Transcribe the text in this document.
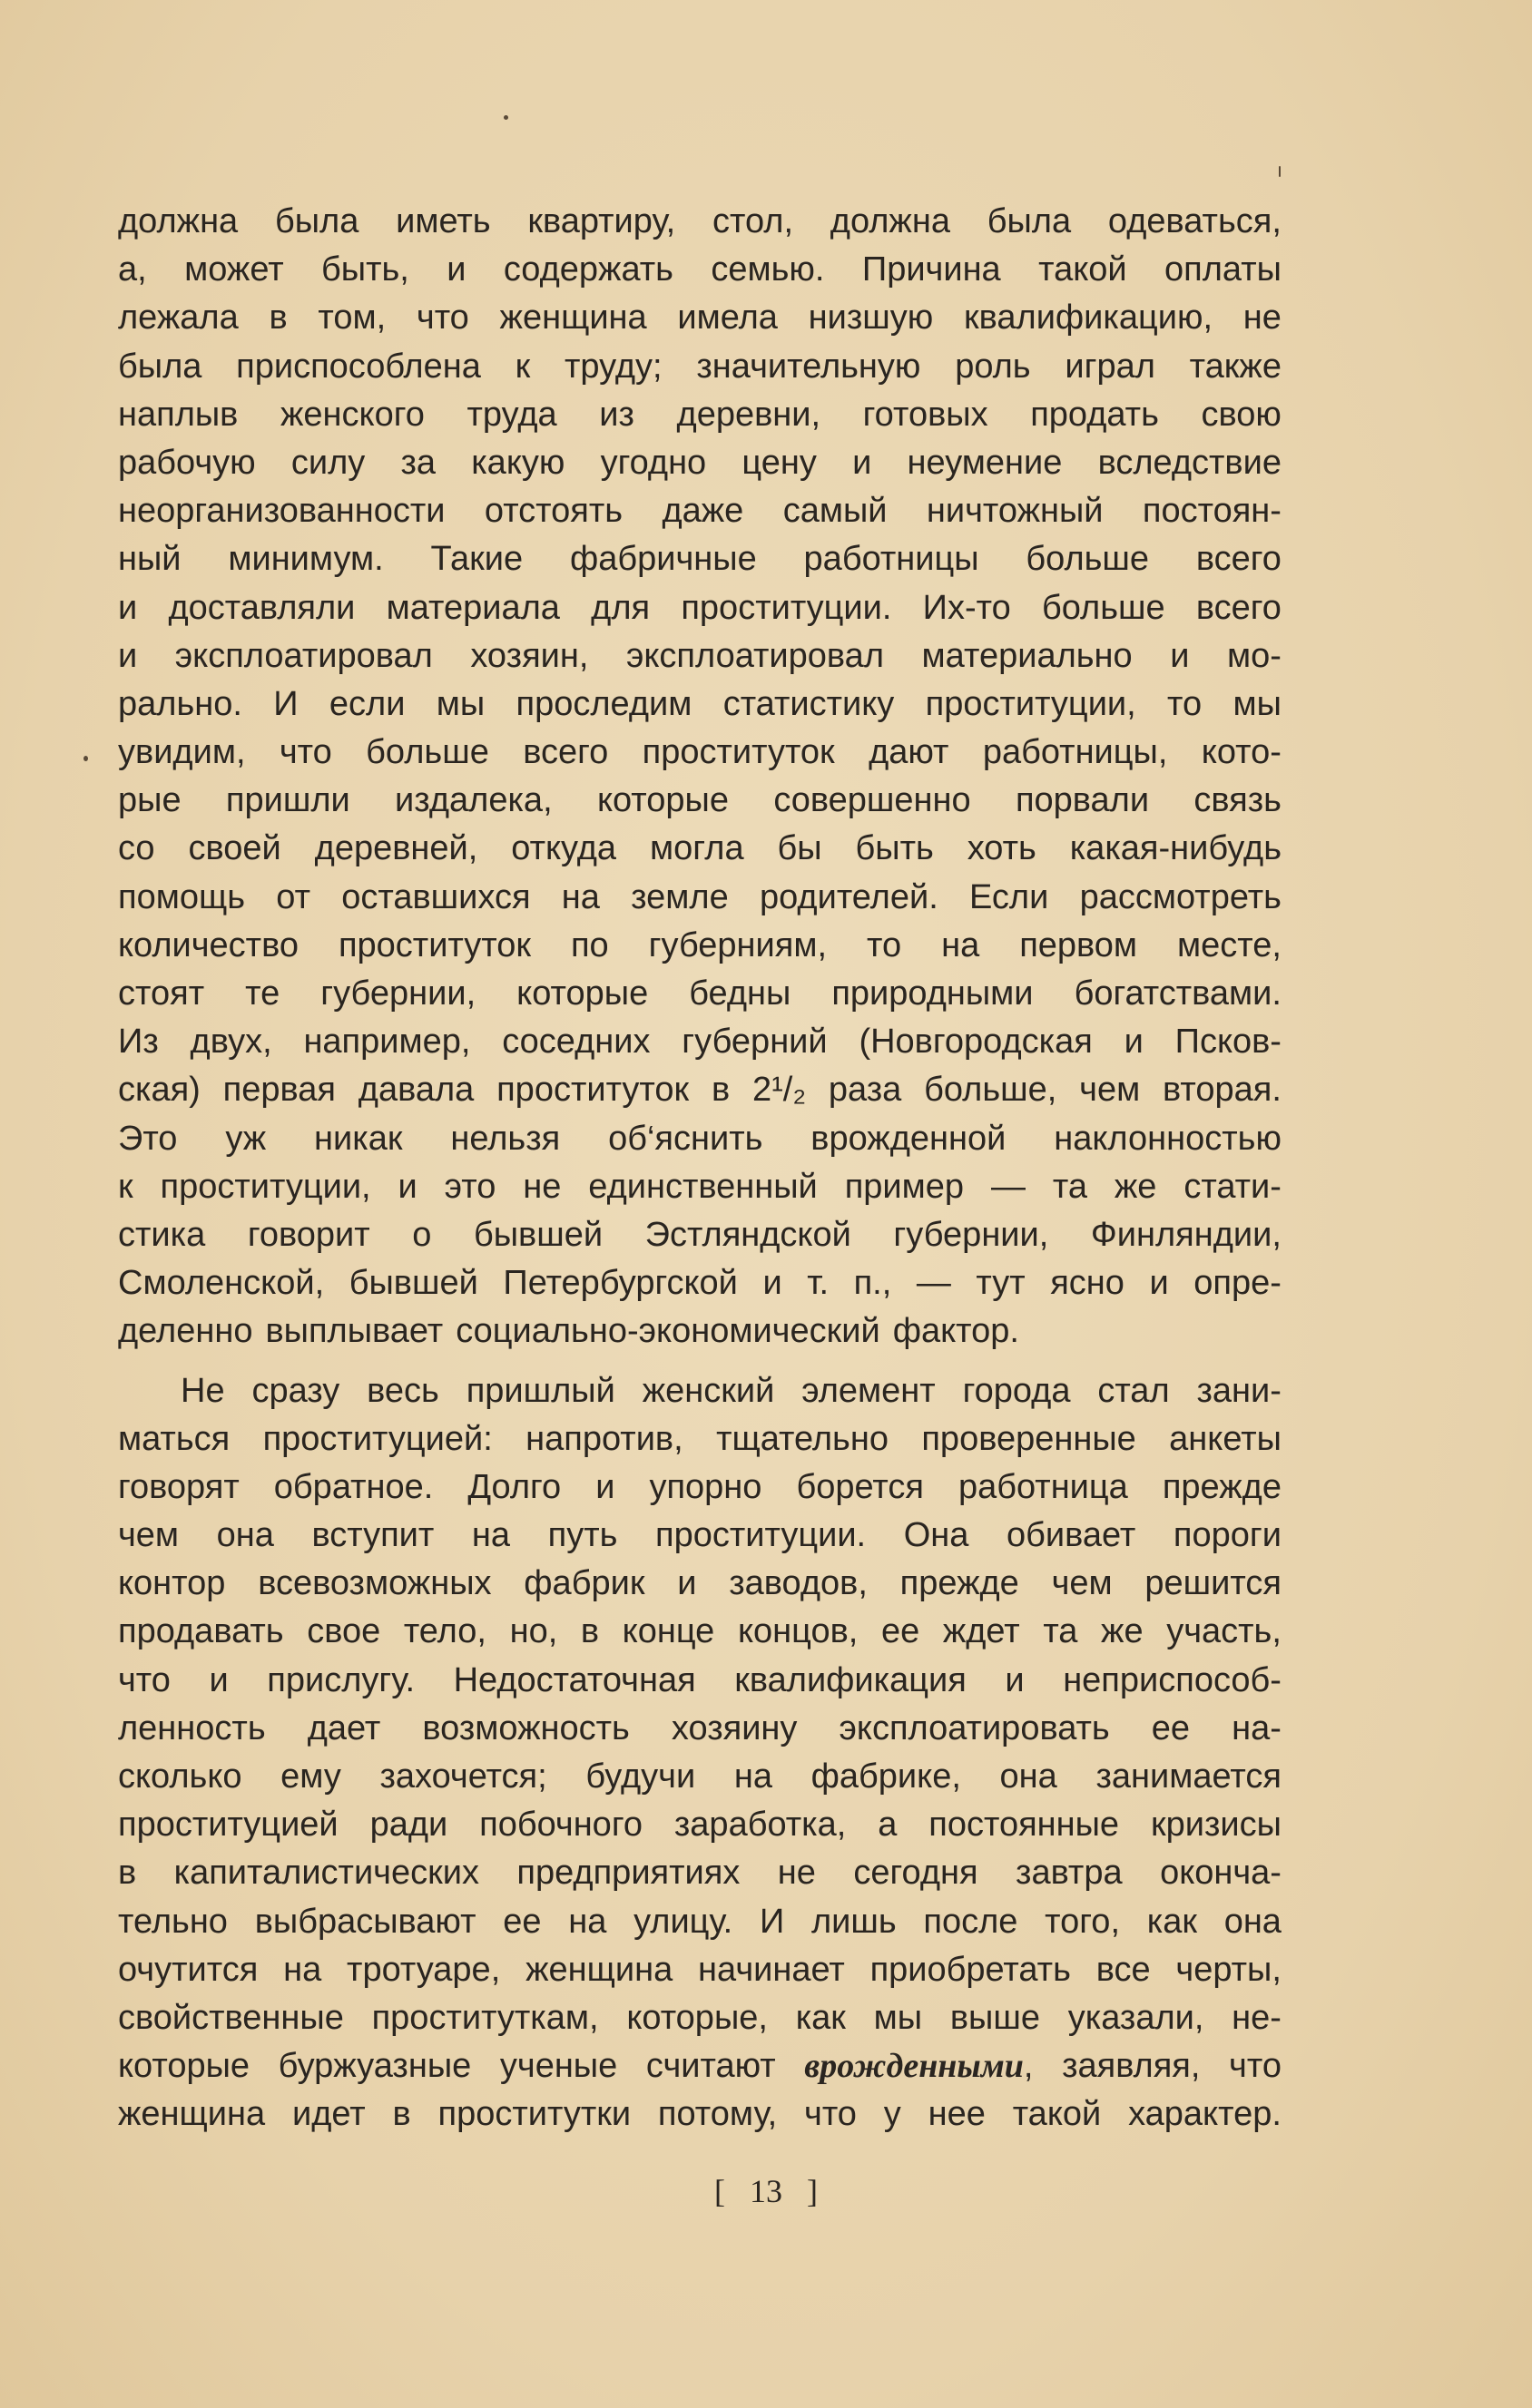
должна была иметь квартиру, стол, должна была одеваться,
а, может быть, и содержать семью. Причина такой оплаты
лежала в том, что женщина имела низшую квалификацию, не
была приспособлена к труду; значительную роль играл также
наплыв женского труда из деревни, готовых продать свою
рабочую силу за какую угодно цену и неумение вследствие
неорганизованности отстоять даже самый ничтожный постоян-
ный минимум. Такие фабричные работницы больше всего
и доставляли материала для проституции. Их-то больше всего
и эксплоатировал хозяин, эксплоатировал материально и мо-
рально. И если мы проследим статистику проституции, то мы
увидим, что больше всего проституток дают работницы, кото-
рые пришли издалека, которые совершенно порвали связь
со своей деревней, откуда могла бы быть хоть какая-нибудь
помощь от оставшихся на земле родителей. Если рассмотреть
количество проституток по губерниям, то на первом месте,
стоят те губернии, которые бедны природными богатствами.
Из двух, например, соседних губерний (Новгородская и Псков-
ская) первая давала проституток в 2¹/₂ раза больше, чем вторая.
Это уж никак нельзя об‘яснить врожденной наклонностью
к проституции, и это не единственный пример — та же стати-
стика говорит о бывшей Эстляндской губернии, Финляндии,
Смоленской, бывшей Петербургской и т. п., — тут ясно и опре-
деленно выплывает социально-экономический фактор.
Не сразу весь пришлый женский элемент города стал зани-
маться проституцией: напротив, тщательно проверенные анкеты
говорят обратное. Долго и упорно борется работница прежде
чем она вступит на путь проституции. Она обивает пороги
контор всевозможных фабрик и заводов, прежде чем решится
продавать свое тело, но, в конце концов, ее ждет та же участь,
что и прислугу. Недостаточная квалификация и неприспособ-
ленность дает возможность хозяину эксплоатировать ее на-
сколько ему захочется; будучи на фабрике, она занимается
проституцией ради побочного заработка, а постоянные кризисы
в капиталистических предприятиях не сегодня завтра оконча-
тельно выбрасывают ее на улицу. И лишь после того, как она
очутится на тротуаре, женщина начинает приобретать все черты,
свойственные проституткам, которые, как мы выше указали, не-
которые буржуазные ученые считают врожденными, заявляя, что
женщина идет в проститутки потому, что у нее такой характер.
[ 13 ]
